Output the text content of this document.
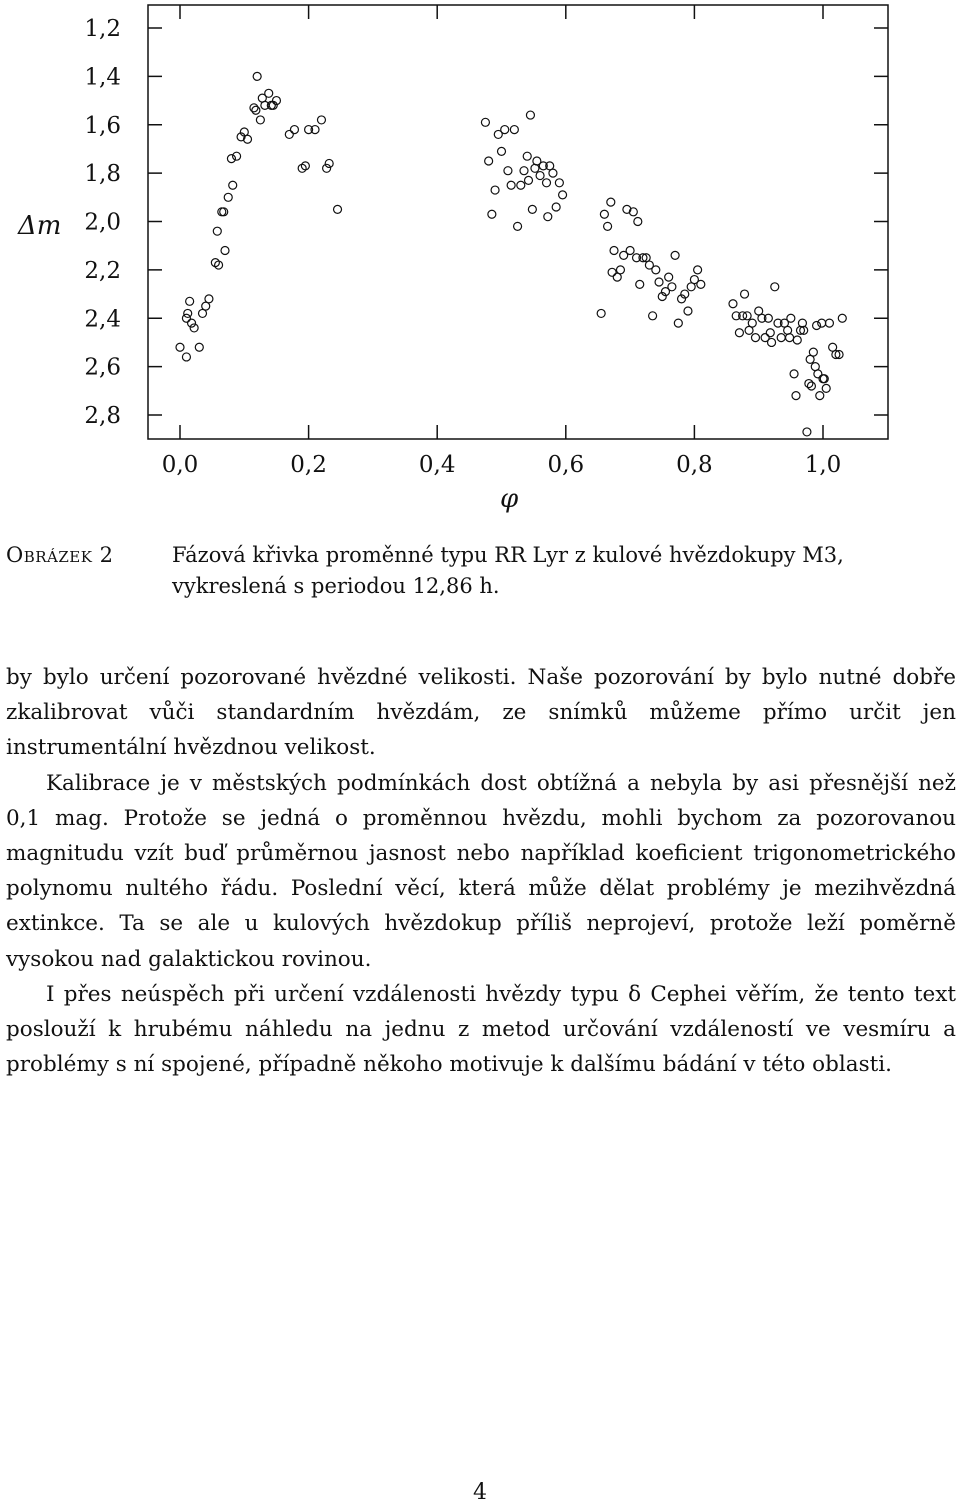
1,2
1,4
1,6
1,8
2,0
2,2
2,4
2,6
2,8
0,0	0,2	0,4	0,6	0,8	1,0
Δm
φ
Obrázek 2	Fázová křivka proměnné typu RR Lyr z kulové hvězdokupy M3, vykreslená s periodou 12,86 h.

by bylo určení pozorované hvězdné velikosti. Naše pozorování by bylo nutné dobře zkalibrovat vůči standardním hvězdám, ze snímků můžeme přímo určit jen instrumentální hvězdnou velikost.

Kalibrace je v městských podmínkách dost obtížná a nebyla by asi přesnější než 0,1 mag. Protože se jedná o proměnnou hvězdu, mohli bychom za pozorovanou magnitudu vzít buď průměrnou jasnost nebo například koeficient trigonometrického polynomu nultého řádu. Poslední věcí, která může dělat problémy je mezihvězdná extinkce. Ta se ale u kulových hvězdokup příliš neprojeví, protože leží poměrně vysokou nad galaktickou rovinou.

I přes neúspěch při určení vzdálenosti hvězdy typu δ Cephei věřím, že tento text poslouží k hrubému náhledu na jednu z metod určování vzdáleností ve vesmíru a problémy s ní spojené, případně někoho motivuje k dalšímu bádání v této oblasti.

4
